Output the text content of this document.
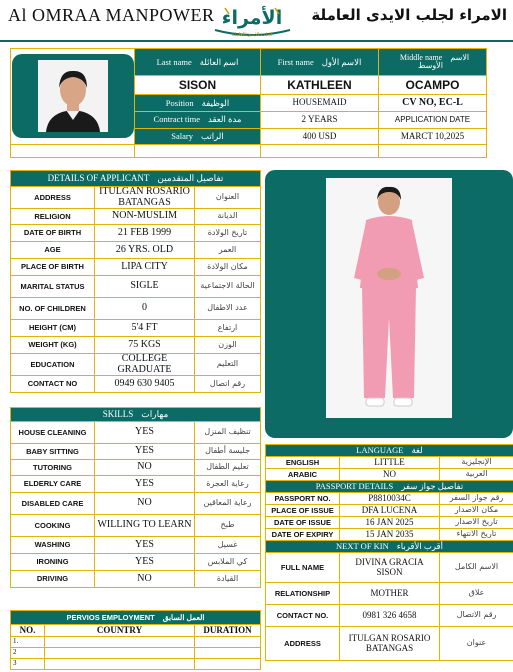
Al OMRAA MANPOWER الأمراء
لجلب الايدى العاملة
الامراء لجلب الايدى العاملة
	Last name اسم العائلة	First name الاسم الأول	Middle name الاسم الأوسط
	SISON	KATHLEEN	OCAMPO
	Position الوظيفة	HOUSEMAID	CV NO, EC-L
	Contract time مدة العقد	2 YEARS	APPLICATION DATE
	Salary الراتب	400 USD	MARCT 10,2025

DETAILS OF APPLICANT تفاصيل المتقدمين		
ADDRESS	ITULGAN ROSARIO BATANGAS	العنوان
RELIGION	NON-MUSLIM	الديانة
DATE OF BIRTH	21 FEB 1999	تاريخ الولادة
AGE	26 YRS. OLD	العمر
PLACE OF BIRTH	LIPA CITY	مكان الولادة
MARITAL STATUS	SIGLE	الحالة الاجتماعية
NO. OF CHILDREN	0	عدد الاطفال
HEIGHT (CM)	5'4 FT	ارتفاع
WEIGHT (KG)	75 KGS	الوزن
EDUCATION	COLLEGE GRADUATE	التعليم
CONTACT NO	0949 630 9405	رقم اتصال
SKILLS مهارات		
HOUSE CLEANING	YES	تنظيف المنزل
BABY SITTING	YES	جليسة أطفال
TUTORING	NO	تعليم الطفال
ELDERLY CARE	YES	رعاية العجزة
DISABLED CARE	NO	رعاية المعاقين
COOKING	WILLING TO LEARN	طبخ
WASHING	YES	غسيل
IRONING	YES	كي الملابس
DRIVING	NO	القيادة
PERVIOS EMPLOYMENT العمل السابق		
NO.	COUNTRY	DURATION
1.		
2		
3		
LANGUAGE لغة		
ENGLISH	LITTLE	الإنجليزية
ARABIC	NO	العربية
PASSPORT DETAILS تفاصيل جواز سفر		
PASSPORT NO.	P8810034C	رقم جواز السفر
PLACE OF ISSUE	DFA LUCENA	مكان الاصدار
DATE OF ISSUE	16 JAN 2025	تاريخ الاصدار
DATE OF EXPIRY	15 JAN 2035	تاريخ الانتهاء
NEXT OF KIN أقرب الأقرباء		
FULL NAME	DIVINA GRACIA SISON	الاسم الكامل
RELATIONSHIP	MOTHER	علاق
CONTACT NO.	0981 326 4658	رقم الاتصال
ADDRESS	ITULGAN ROSARIO BATANGAS	عنوان
